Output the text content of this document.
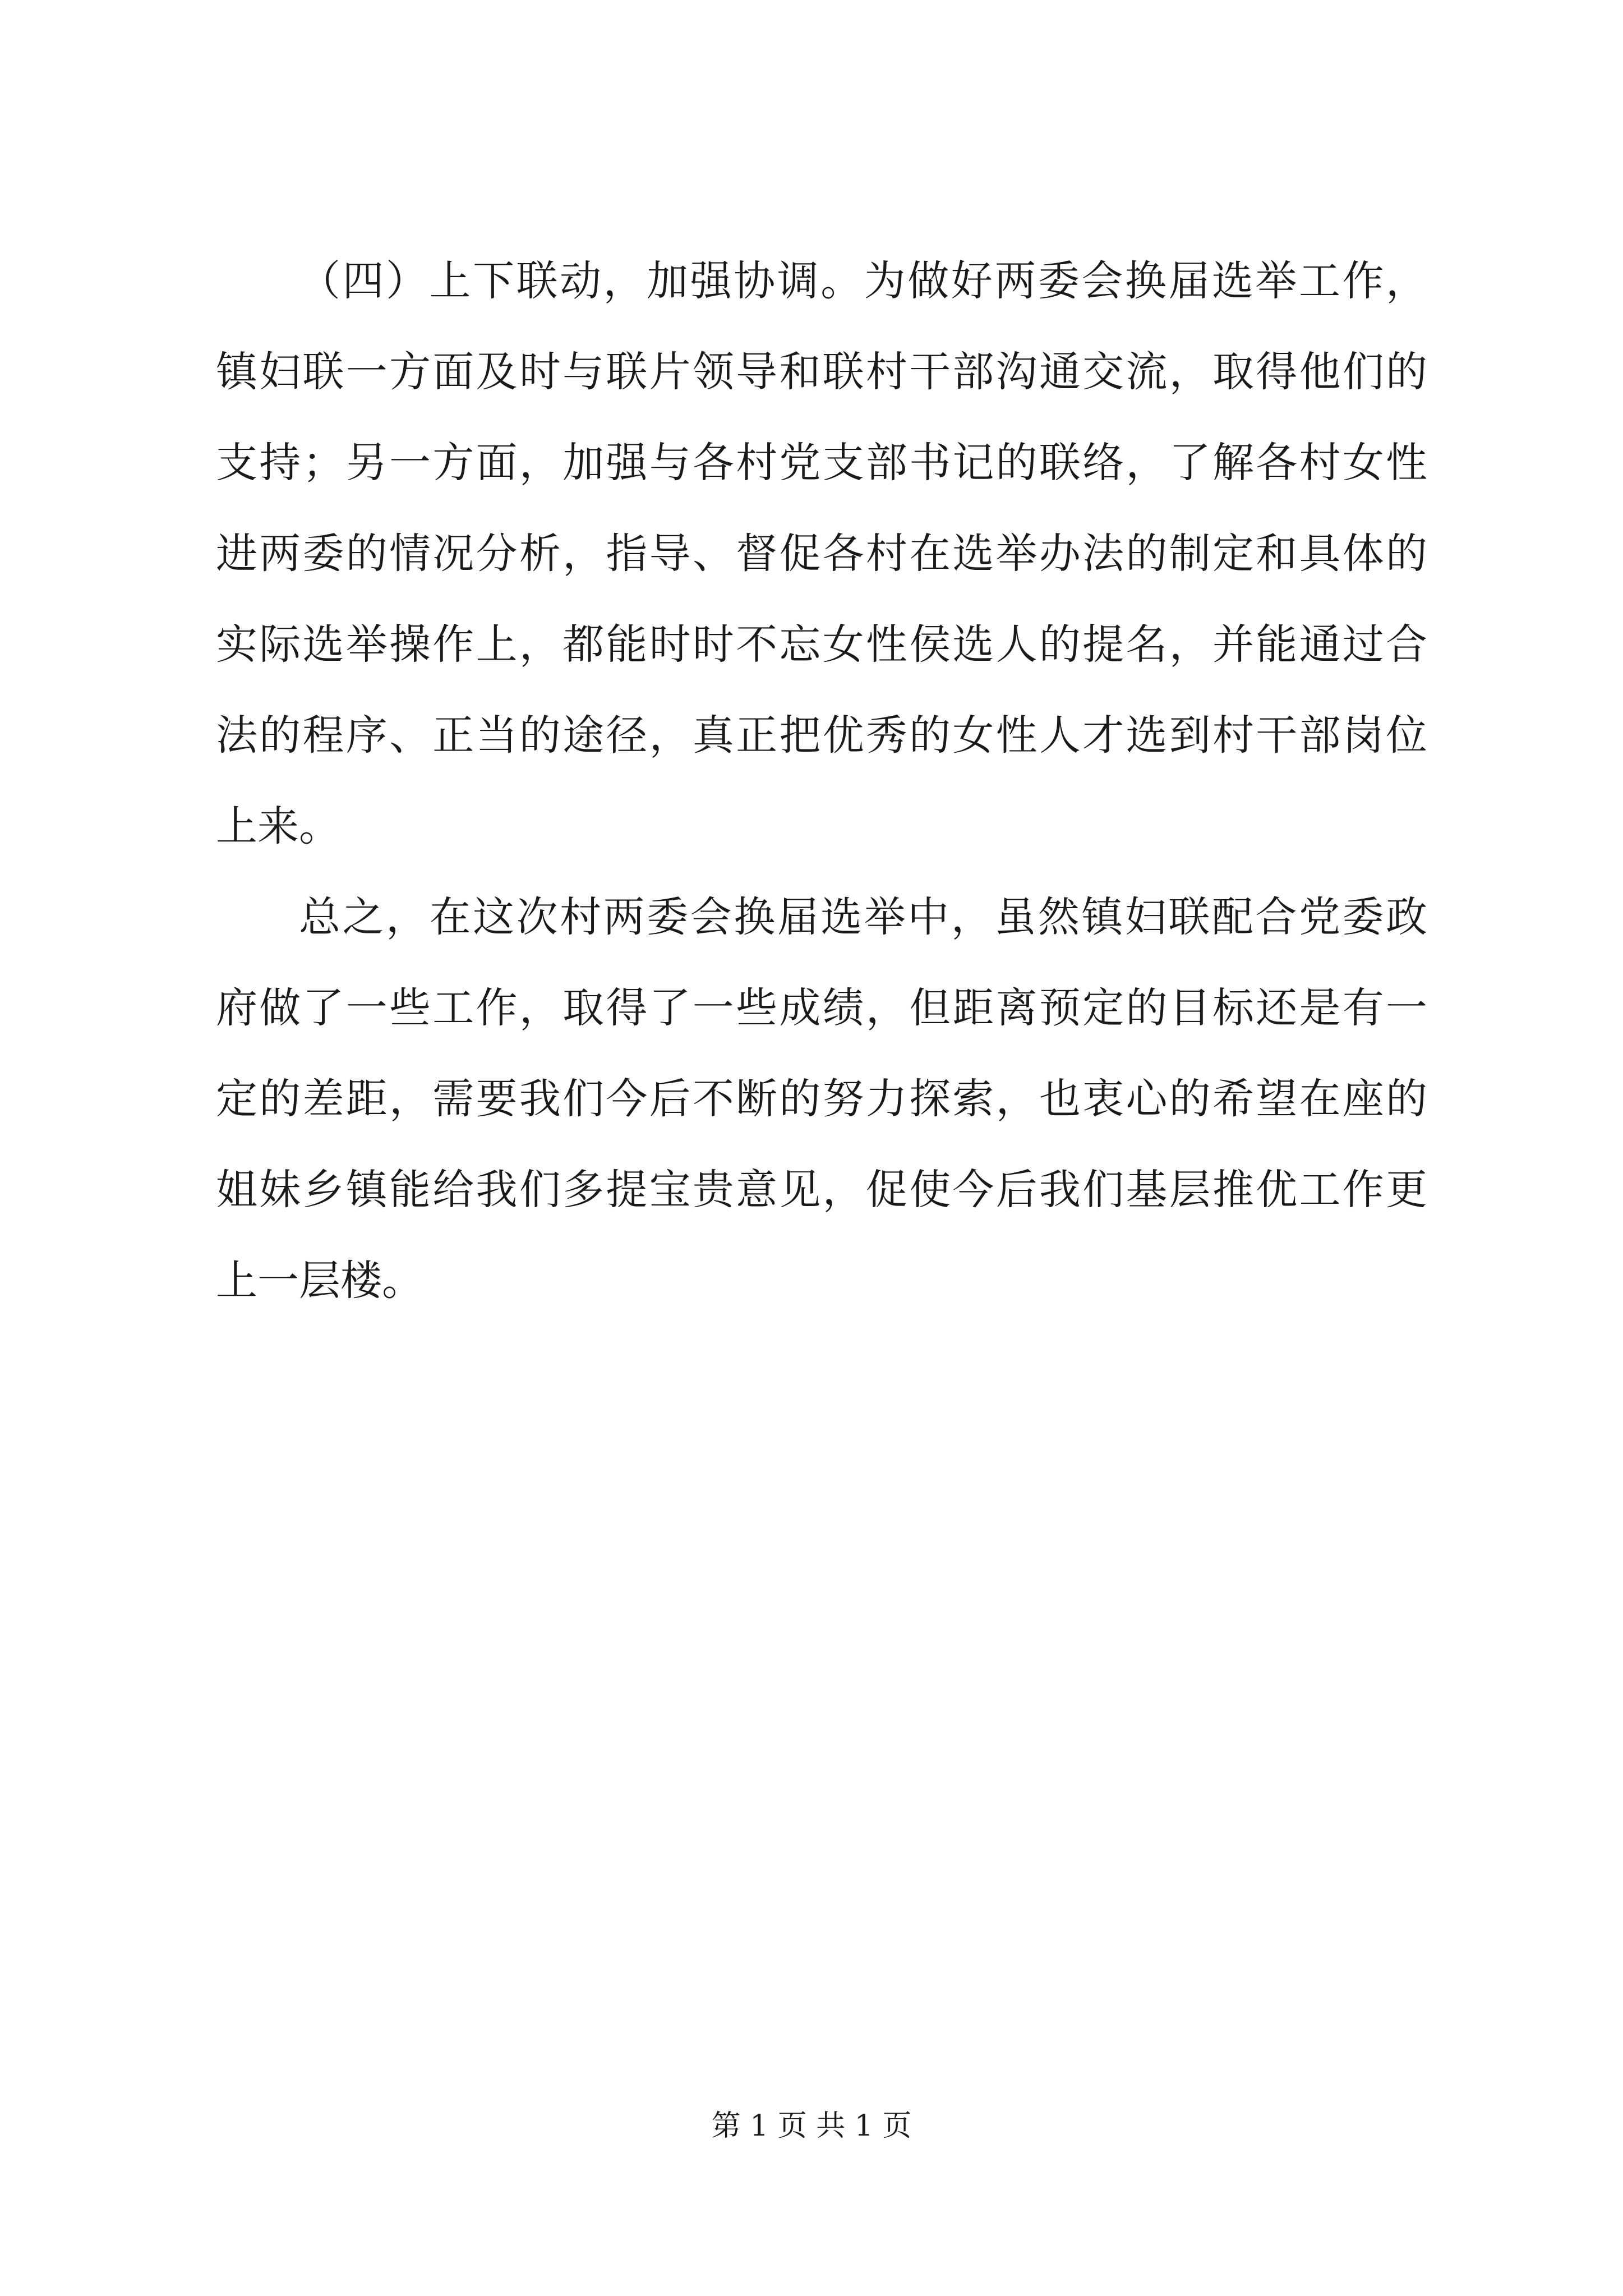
（四）上下联动，加强协调。为做好两委会换届选举工作，
镇妇联一方面及时与联片领导和联村干部沟通交流，取得他们的
支持；另一方面，加强与各村党支部书记的联络，了解各村女性
进两委的情况分析，指导、督促各村在选举办法的制定和具体的
实际选举操作上，都能时时不忘女性侯选人的提名，并能通过合
法的程序、正当的途径，真正把优秀的女性人才选到村干部岗位
上来。
总之，在这次村两委会换届选举中，虽然镇妇联配合党委政
府做了一些工作，取得了一些成绩，但距离预定的目标还是有一
定的差距，需要我们今后不断的努力探索，也衷心的希望在座的
姐妹乡镇能给我们多提宝贵意见，促使今后我们基层推优工作更
上一层楼。
第 1 页 共 1 页
